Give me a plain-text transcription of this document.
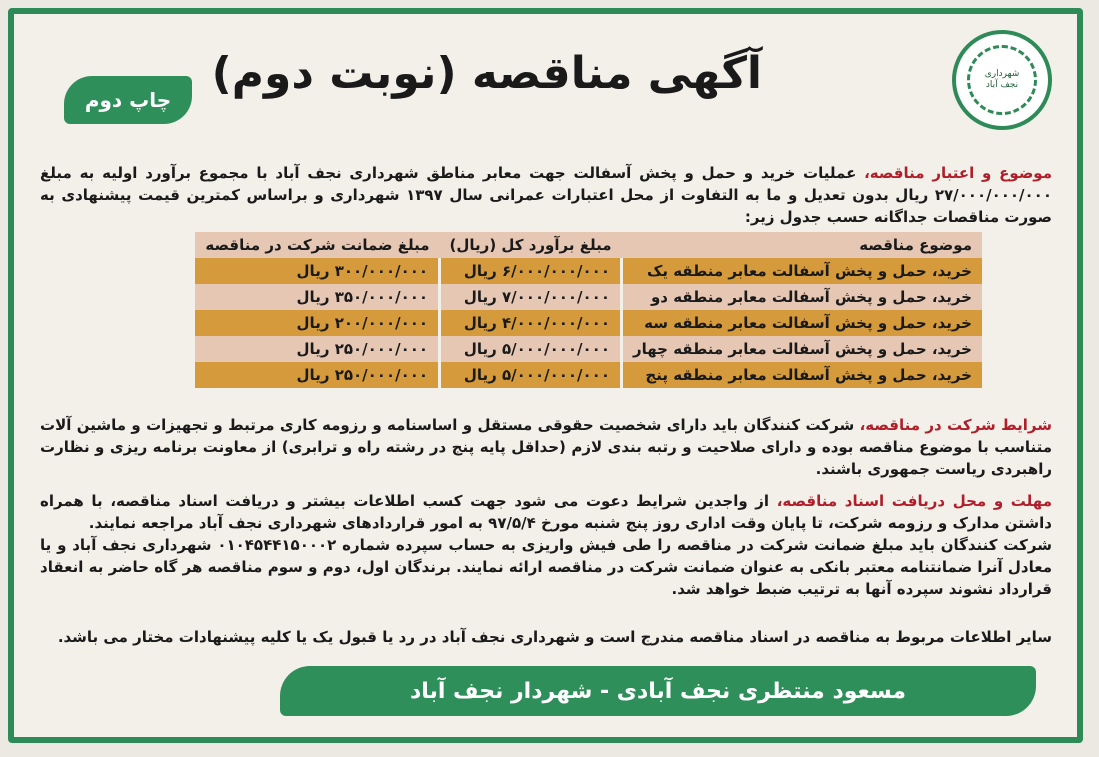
شهرداری
نجف آباد
آگهی مناقصه (نوبت دوم)
چاپ دوم
موضوع و اعتبار مناقصه، عملیات خرید و حمل و پخش آسفالت جهت معابر مناطق شهرداری نجف آباد با مجموع برآورد اولیه به مبلغ ۲۷/۰۰۰/۰۰۰/۰۰۰ ریال بدون تعدیل و ما به التفاوت از محل اعتبارات عمرانی سال ۱۳۹۷ شهرداری و براساس کمترین قیمت پیشنهادی به صورت مناقصات جداگانه حسب جدول زیر:
موضوع مناقصه	مبلغ برآورد کل (ریال)	مبلغ ضمانت شرکت در مناقصه
خرید، حمل و پخش آسفالت معابر منطقه یک	۶/۰۰۰/۰۰۰/۰۰۰ ریال	۳۰۰/۰۰۰/۰۰۰ ریال
خرید، حمل و پخش آسفالت معابر منطقه دو	۷/۰۰۰/۰۰۰/۰۰۰ ریال	۳۵۰/۰۰۰/۰۰۰ ریال
خرید، حمل و پخش آسفالت معابر منطقه سه	۴/۰۰۰/۰۰۰/۰۰۰ ریال	۲۰۰/۰۰۰/۰۰۰ ریال
خرید، حمل و پخش آسفالت معابر منطقه چهار	۵/۰۰۰/۰۰۰/۰۰۰ ریال	۲۵۰/۰۰۰/۰۰۰ ریال
خرید، حمل و پخش آسفالت معابر منطقه پنج	۵/۰۰۰/۰۰۰/۰۰۰ ریال	۲۵۰/۰۰۰/۰۰۰ ریال
شرایط شرکت در مناقصه، شرکت کنندگان باید دارای شخصیت حقوقی مستقل و اساسنامه و رزومه کاری مرتبط و تجهیزات و ماشین آلات متناسب با موضوع مناقصه بوده و دارای صلاحیت و رتبه بندی لازم (حداقل پایه پنج در رشته راه و ترابری) از معاونت برنامه ریزی و نظارت راهبردی ریاست جمهوری باشند.
مهلت و محل دریافت اسناد مناقصه، از واجدین شرایط دعوت می شود جهت کسب اطلاعات بیشتر و دریافت اسناد مناقصه، با همراه داشتن مدارک و رزومه شرکت، تا پایان وقت اداری روز پنج شنبه مورخ ۹۷/۵/۴ به امور قراردادهای شهرداری نجف آباد مراجعه نمایند.
شرکت کنندگان باید مبلغ ضمانت شرکت در مناقصه را طی فیش واریزی به حساب سپرده شماره ۰۱۰۴۵۴۴۱۵۰۰۰۲ شهرداری نجف آباد و یا معادل آنرا ضمانتنامه معتبر بانکی به عنوان ضمانت شرکت در مناقصه ارائه نمایند. برندگان اول، دوم و سوم مناقصه هر گاه حاضر به انعقاد قرارداد نشوند سپرده آنها به ترتیب ضبط خواهد شد.
سایر اطلاعات مربوط به مناقصه در اسناد مناقصه مندرج است و شهرداری نجف آباد در رد یا قبول یک یا کلیه پیشنهادات مختار می باشد.
مسعود منتظری نجف آبادی - شهردار نجف آباد
